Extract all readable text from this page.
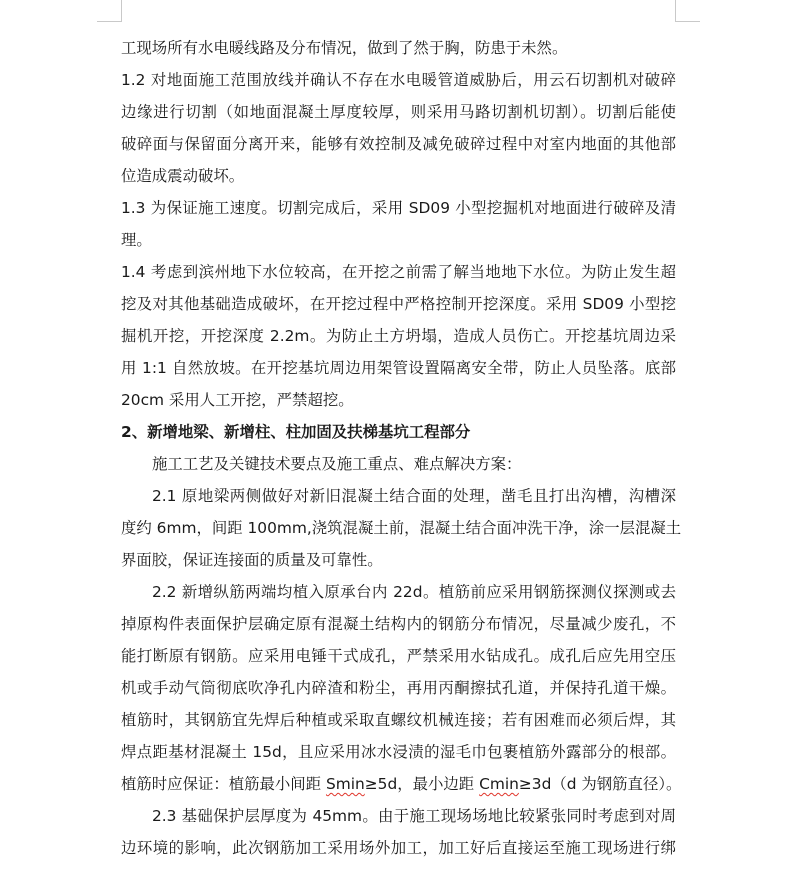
工现场所有水电暖线路及分布情况，做到了然于胸，防患于未然。
1.2 对地面施工范围放线并确认不存在水电暖管道威胁后，用云石切割机对破碎
边缘进行切割（如地面混凝土厚度较厚，则采用马路切割机切割）。切割后能使
破碎面与保留面分离开来，能够有效控制及减免破碎过程中对室内地面的其他部
位造成震动破坏。
1.3 为保证施工速度。切割完成后，采用 SD09 小型挖掘机对地面进行破碎及清
理。
1.4 考虑到滨州地下水位较高，在开挖之前需了解当地地下水位。为防止发生超
挖及对其他基础造成破坏，在开挖过程中严格控制开挖深度。采用 SD09 小型挖
掘机开挖，开挖深度 2.2m。为防止土方坍塌，造成人员伤亡。开挖基坑周边采
用 1:1 自然放坡。在开挖基坑周边用架管设置隔离安全带，防止人员坠落。底部
20cm 采用人工开挖，严禁超挖。
2、新增地梁、新增柱、柱加固及扶梯基坑工程部分
施工工艺及关键技术要点及施工重点、难点解决方案：
2.1 原地梁两侧做好对新旧混凝土结合面的处理，凿毛且打出沟槽，沟槽深
度约 6mm，间距 100mm,浇筑混凝土前，混凝土结合面冲洗干净，涂一层混凝土
界面胶，保证连接面的质量及可靠性。
2.2 新增纵筋两端均植入原承台内 22d。植筋前应采用钢筋探测仪探测或去
掉原构件表面保护层确定原有混凝土结构内的钢筋分布情况，尽量减少废孔，不
能打断原有钢筋。应采用电锤干式成孔，严禁采用水钻成孔。成孔后应先用空压
机或手动气筒彻底吹净孔内碎渣和粉尘，再用丙酮擦拭孔道，并保持孔道干燥。
植筋时，其钢筋宜先焊后种植或采取直螺纹机械连接；若有困难而必须后焊，其
焊点距基材混凝土 15d，且应采用冰水浸渍的湿毛巾包裹植筋外露部分的根部。
植筋时应保证：植筋最小间距 Smin≥5d，最小边距 Cmin≥3d（d 为钢筋直径）。
2.3 基础保护层厚度为 45mm。由于施工现场场地比较紧张同时考虑到对周
边环境的影响，此次钢筋加工采用场外加工，加工好后直接运至施工现场进行绑
